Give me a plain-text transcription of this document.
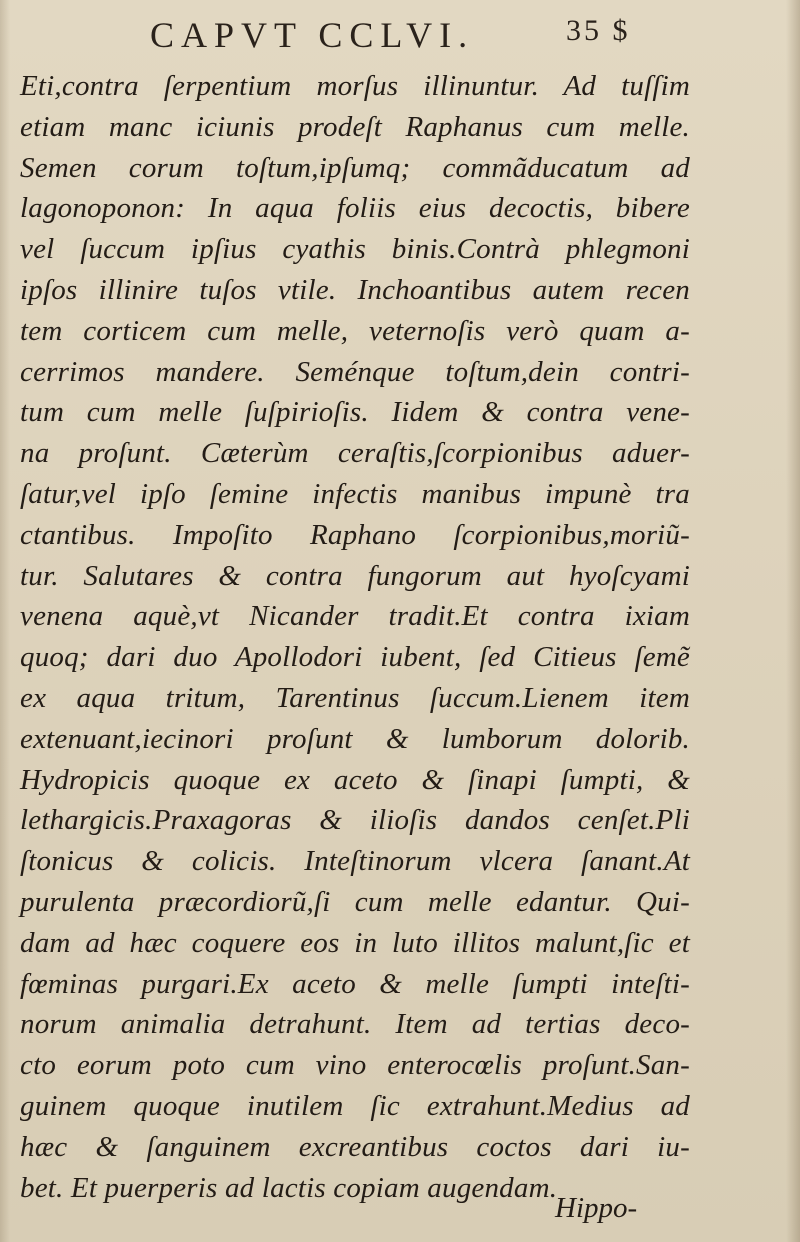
CAPVT CCLVI.	35 $
Eti,contra ſerpentium morſus illinuntur. Ad tuſſim
etiam manc iciunis prodeſt Raphanus cum melle.
Semen corum toſtum,ipſumq; commãducatum ad
lagonoponon: In aqua foliis eius decoctis, bibere
vel ſuccum ipſius cyathis binis.Contrà phlegmoni
ipſos illinire tuſos vtile. Inchoantibus autem recen
tem corticem cum melle, veternoſis verò quam a-
cerrimos mandere. Seménque toſtum,dein contri-
tum cum melle ſuſpirioſis. Iidem & contra vene-
na proſunt. Cæterùm ceraſtis,ſcorpionibus aduer-
ſatur,vel ipſo ſemine infectis manibus impunè tra
ctantibus. Impoſito Raphano ſcorpionibus,moriũ-
tur. Salutares & contra fungorum aut hyoſcyami
venena aquè,vt Nicander tradit.Et contra ixiam
quoq; dari duo Apollodori iubent, ſed Citieus ſemẽ
ex aqua tritum, Tarentinus ſuccum.Lienem item
extenuant,iecinori proſunt & lumborum dolorib.
Hydropicis quoque ex aceto & ſinapi ſumpti, &
lethargicis.Praxagoras & ilioſis dandos cenſet.Pli
ſtonicus & colicis. Inteſtinorum vlcera ſanant.At
purulenta præcordiorũ,ſi cum melle edantur. Qui-
dam ad hæc coquere eos in luto illitos malunt,ſic et
fœminas purgari.Ex aceto & melle ſumpti inteſti-
norum animalia detrahunt. Item ad tertias deco-
cto eorum poto cum vino enterocœlis proſunt.San-
guinem quoque inutilem ſic extrahunt.Medius ad
hæc & ſanguinem excreantibus coctos dari iu-
bet. Et puerperis ad lactis copiam augendam.
Hippo-
